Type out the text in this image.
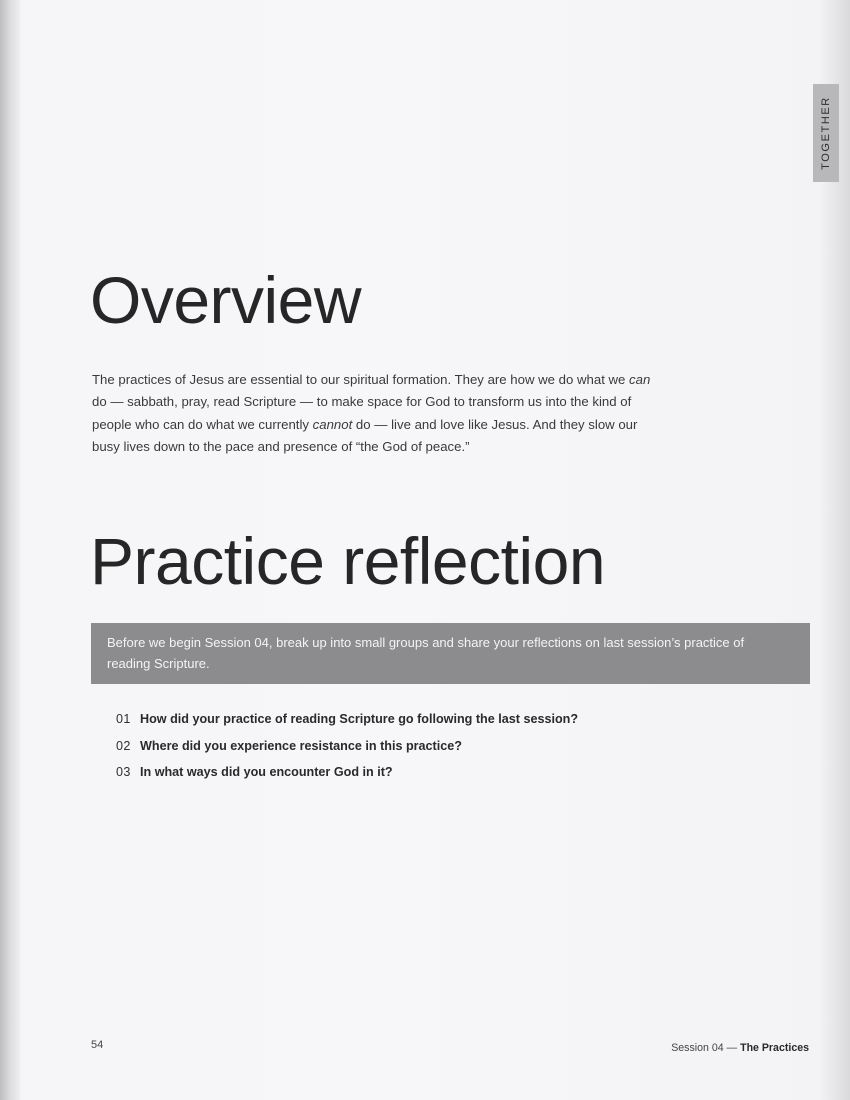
TOGETHER
Overview

The practices of Jesus are essential to our spiritual formation. They are how we do what we can do — sabbath, pray, read Scripture — to make space for God to transform us into the kind of people who can do what we currently cannot do — live and love like Jesus. And they slow our busy lives down to the pace and presence of “the God of peace.”

Practice reflection

Before we begin Session 04, break up into small groups and share your reflections on last session’s practice of reading Scripture.

01 How did your practice of reading Scripture go following the last session?
02 Where did you experience resistance in this practice?
03 In what ways did you encounter God in it?
54	Session 04 — The Practices
